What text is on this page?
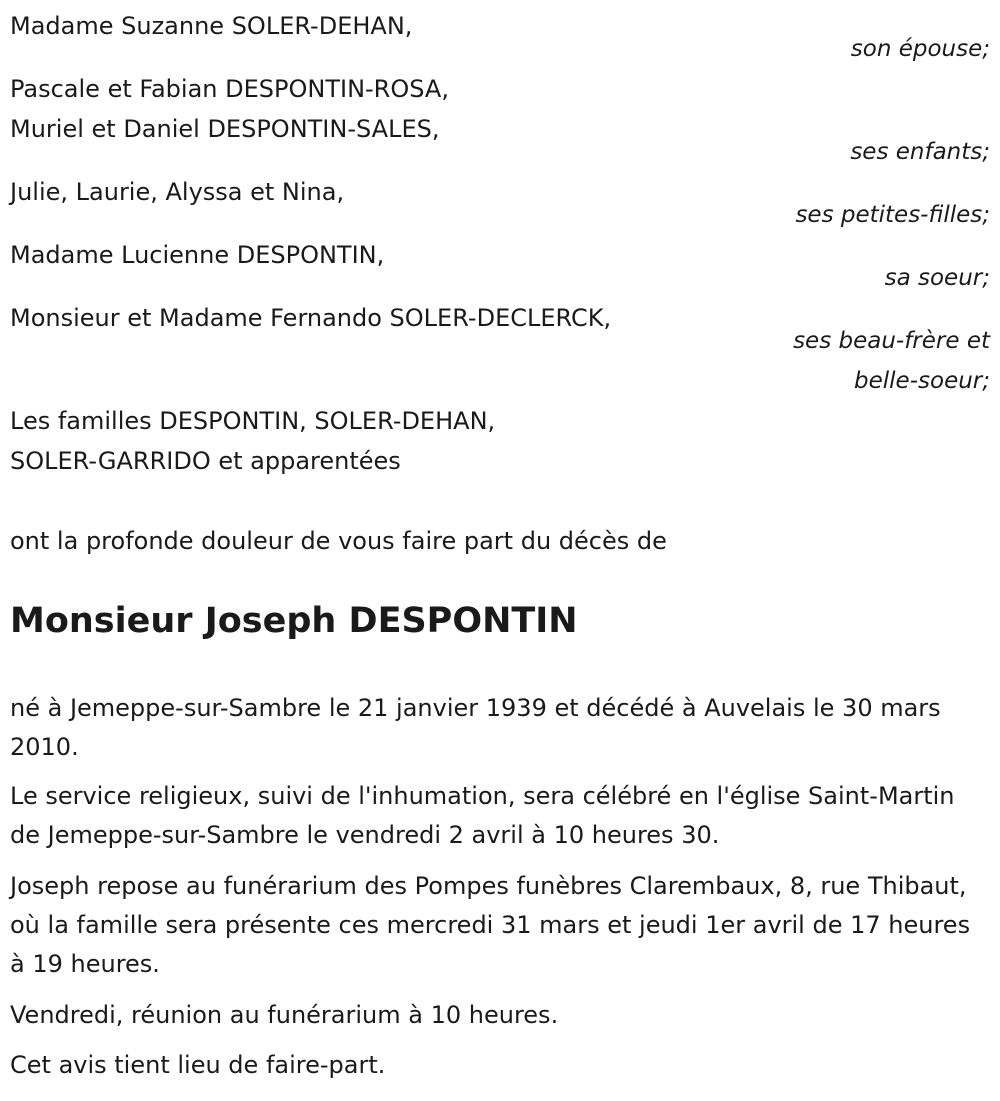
Madame Suzanne SOLER-DEHAN,
son épouse;
Pascale et Fabian DESPONTIN-ROSA,
Muriel et Daniel DESPONTIN-SALES,
ses enfants;
Julie, Laurie, Alyssa et Nina,
ses petites-filles;
Madame Lucienne DESPONTIN,
sa soeur;
Monsieur et Madame Fernando SOLER-DECLERCK,
ses beau-frère et
belle-soeur;
Les familles DESPONTIN, SOLER-DEHAN,
SOLER-GARRIDO et apparentées
ont la profonde douleur de vous faire part du décès de
Monsieur Joseph DESPONTIN
né à Jemeppe-sur-Sambre le 21 janvier 1939 et décédé à Auvelais le 30 mars 2010.
Le service religieux, suivi de l'inhumation, sera célébré en l'église Saint-Martin de Jemeppe-sur-Sambre le vendredi 2 avril à 10 heures 30.
Joseph repose au funérarium des Pompes funèbres Clarembaux, 8, rue Thibaut, où la famille sera présente ces mercredi 31 mars et jeudi 1er avril de 17 heures à 19 heures.
Vendredi, réunion au funérarium à 10 heures.
Cet avis tient lieu de faire-part.
